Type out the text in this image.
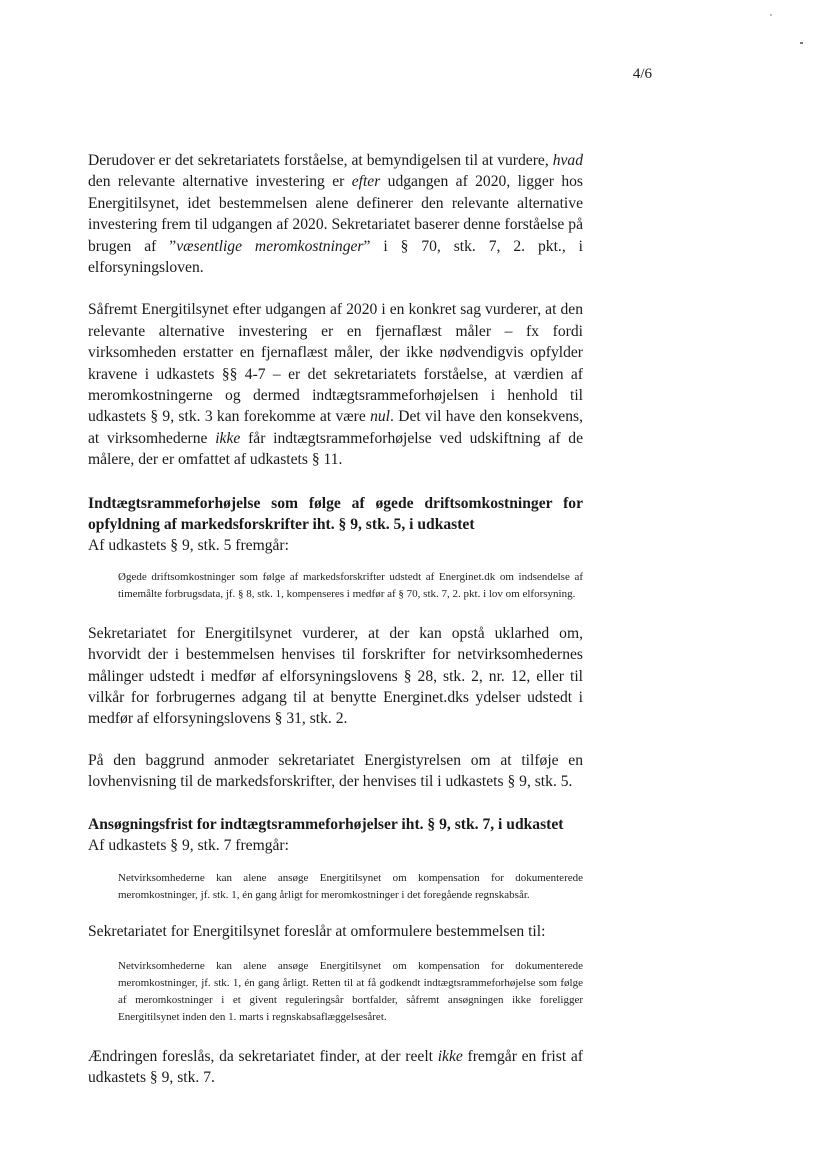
4/6

Derudover er det sekretariatets forståelse, at bemyndigelsen til at vurdere, hvad den relevante alternative investering er efter udgangen af 2020, ligger hos Energitilsynet, idet bestemmelsen alene definerer den relevante alternative investering frem til udgangen af 2020. Sekretariatet baserer denne forståelse på brugen af ”væsentlige meromkostninger” i § 70, stk. 7, 2. pkt., i elforsyningsloven.

Såfremt Energitilsynet efter udgangen af 2020 i en konkret sag vurderer, at den relevante alternative investering er en fjernaflæst måler – fx fordi virksomheden erstatter en fjernaflæst måler, der ikke nødvendigvis opfylder kravene i udkastets §§ 4-7 – er det sekretariatets forståelse, at værdien af meromkostningerne og dermed indtægtsrammeforhøjelsen i henhold til udkastets § 9, stk. 3 kan forekomme at være nul. Det vil have den konsekvens, at virksomhederne ikke får indtægtsrammeforhøjelse ved udskiftning af de målere, der er omfattet af udkastets § 11.

Indtægtsrammeforhøjelse som følge af øgede driftsomkostninger for opfyldning af markedsforskrifter iht. § 9, stk. 5, i udkastet

Af udkastets § 9, stk. 5 fremgår:

Øgede driftsomkostninger som følge af markedsforskrifter udstedt af Energinet.dk om indsendelse af timemålte forbrugsdata, jf. § 8, stk. 1, kompenseres i medfør af § 70, stk. 7, 2. pkt. i lov om elforsyning.

Sekretariatet for Energitilsynet vurderer, at der kan opstå uklarhed om, hvorvidt der i bestemmelsen henvises til forskrifter for netvirksomhedernes målinger udstedt i medfør af elforsyningslovens § 28, stk. 2, nr. 12, eller til vilkår for forbrugernes adgang til at benytte Energinet.dks ydelser udstedt i medfør af elforsyningslovens § 31, stk. 2.

På den baggrund anmoder sekretariatet Energistyrelsen om at tilføje en lovhenvisning til de markedsforskrifter, der henvises til i udkastets § 9, stk. 5.

Ansøgningsfrist for indtægtsrammeforhøjelser iht. § 9, stk. 7, i udkastet

Af udkastets § 9, stk. 7 fremgår:

Netvirksomhederne kan alene ansøge Energitilsynet om kompensation for dokumenterede meromkostninger, jf. stk. 1, én gang årligt for meromkostninger i det foregående regnskabsår.

Sekretariatet for Energitilsynet foreslår at omformulere bestemmelsen til:

Netvirksomhederne kan alene ansøge Energitilsynet om kompensation for dokumenterede meromkostninger, jf. stk. 1, én gang årligt. Retten til at få godkendt indtægtsrammeforhøjelse som følge af meromkostninger i et givent reguleringsår bortfalder, såfremt ansøgningen ikke foreligger Energitilsynet inden den 1. marts i regnskabsaflæggelsesåret.

Ændringen foreslås, da sekretariatet finder, at der reelt ikke fremgår en frist af udkastets § 9, stk. 7.
